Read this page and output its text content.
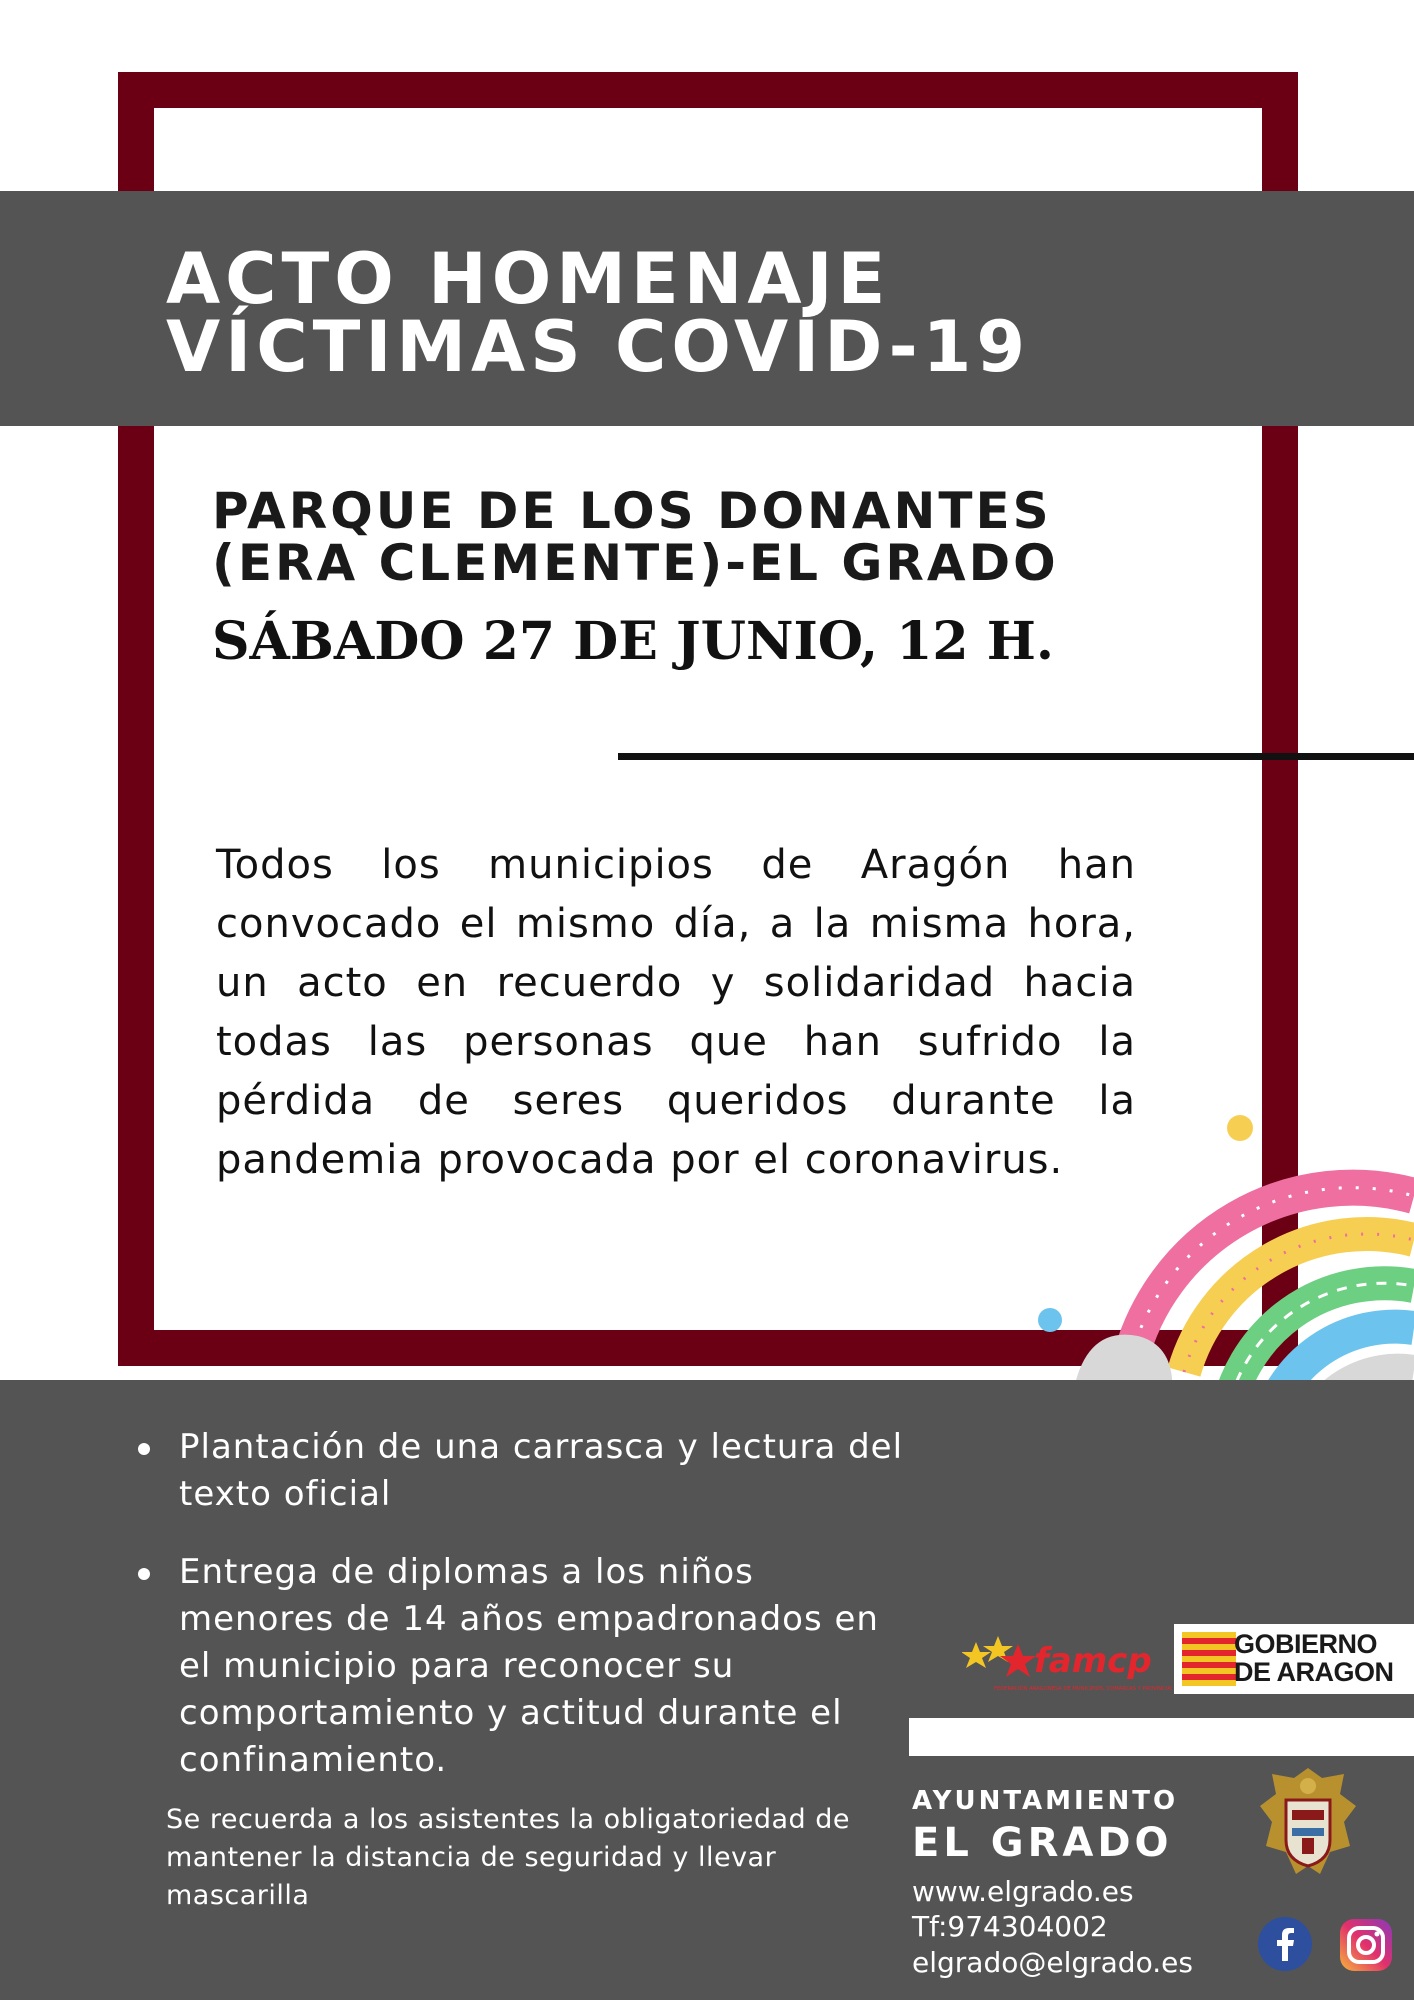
ACTO HOMENAJE
VÍCTIMAS COVID-19
PARQUE DE LOS DONANTES
(ERA CLEMENTE)-EL GRADO
SÁBADO 27 DE JUNIO, 12 H.
Todos los municipios de Aragón han convocado el mismo día, a la misma hora, un acto en recuerdo y solidaridad hacia todas las personas que han sufrido la pérdida de seres queridos durante la pandemia provocada por el coronavirus.
Plantación de una carrasca y lectura del texto oficial
Entrega de diplomas a los niños menores de 14 años empadronados en el municipio para reconocer su comportamiento y actitud durante el confinamiento.
Se recuerda a los asistentes la obligatoriedad de mantener la distancia de seguridad y llevar mascarilla
famcp
FEDERACIÓN ARAGONESA DE MUNICIPIOS, COMARCAS Y PROVINCIAS
GOBIERNO
DE ARAGON
AYUNTAMIENTO
EL GRADO
www.elgrado.es
Tf:974304002
elgrado@elgrado.es
